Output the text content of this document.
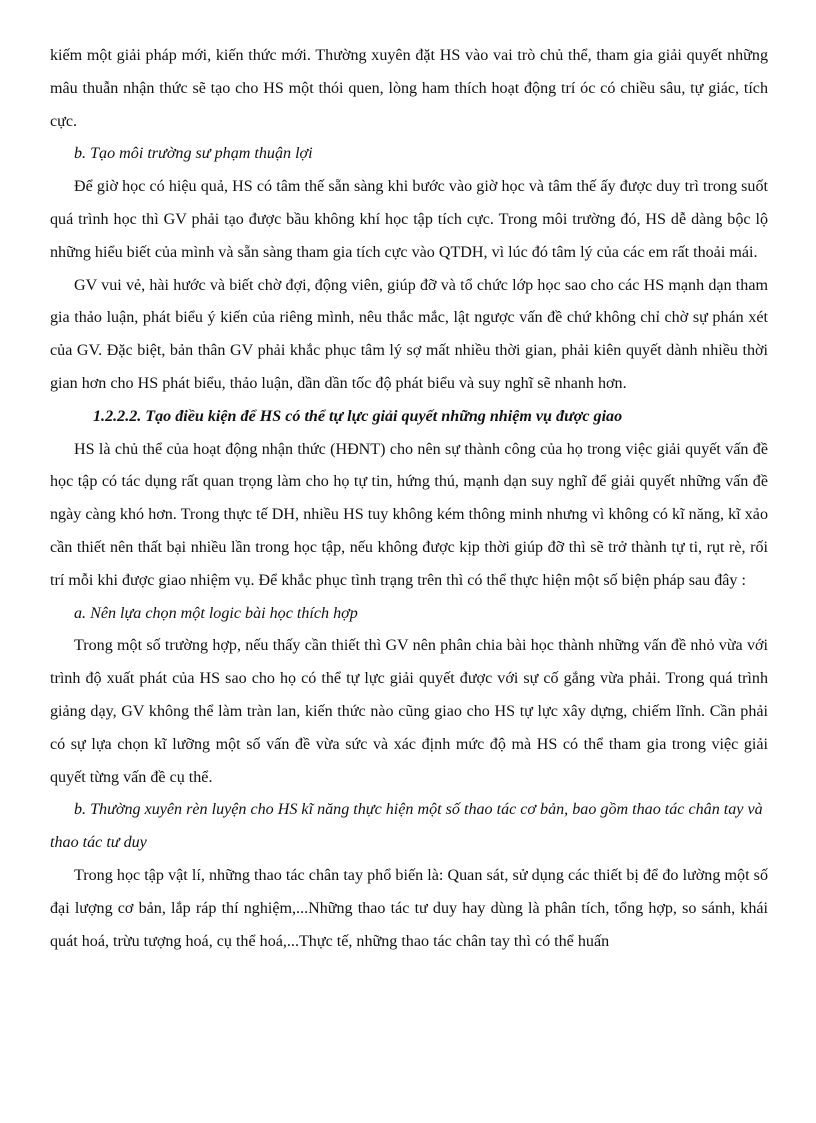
kiếm một giải pháp mới, kiến thức mới. Thường xuyên đặt HS vào vai trò chủ thể, tham gia giải quyết những mâu thuẫn nhận thức sẽ tạo cho HS một thói quen, lòng ham thích hoạt động trí óc có chiều sâu, tự giác, tích cực.

b. Tạo môi trường sư phạm thuận lợi

Để giờ học có hiệu quả, HS có tâm thế sẵn sàng khi bước vào giờ học và tâm thế ấy được duy trì trong suốt quá trình học thì GV phải tạo được bầu không khí học tập tích cực. Trong môi trường đó, HS dễ dàng bộc lộ những hiểu biết của mình và sẵn sàng tham gia tích cực vào QTDH, vì lúc đó tâm lý của các em rất thoải mái.

GV vui vẻ, hài hước và biết chờ đợi, động viên, giúp đỡ và tổ chức lớp học sao cho các HS mạnh dạn tham gia thảo luận, phát biểu ý kiến của riêng mình, nêu thắc mắc, lật ngược vấn đề chứ không chỉ chờ sự phán xét của GV. Đặc biệt, bản thân GV phải khắc phục tâm lý sợ mất nhiều thời gian, phải kiên quyết dành nhiều thời gian hơn cho HS phát biểu, thảo luận, dần dần tốc độ phát biểu và suy nghĩ sẽ nhanh hơn.

1.2.2.2. Tạo điều kiện để HS có thể tự lực giải quyết những nhiệm vụ được giao

HS là chủ thể của hoạt động nhận thức (HĐNT) cho nên sự thành công của họ trong việc giải quyết vấn đề học tập có tác dụng rất quan trọng làm cho họ tự tin, hứng thú, mạnh dạn suy nghĩ để giải quyết những vấn đề ngày càng khó hơn. Trong thực tế DH, nhiều HS tuy không kém thông minh nhưng vì không có kĩ năng, kĩ xảo cần thiết nên thất bại nhiều lần trong học tập, nếu không được kịp thời giúp đỡ thì sẽ trở thành tự ti, rụt rè, rối trí mỗi khi được giao nhiệm vụ. Để khắc phục tình trạng trên thì có thể thực hiện một số biện pháp sau đây :

a. Nên lựa chọn một logic bài học thích hợp

Trong một số trường hợp, nếu thấy cần thiết thì GV nên phân chia bài học thành những vấn đề nhỏ vừa với trình độ xuất phát của HS sao cho họ có thể tự lực giải quyết được với sự cố gắng vừa phải. Trong quá trình giảng dạy, GV không thể làm tràn lan, kiến thức nào cũng giao cho HS tự lực xây dựng, chiếm lĩnh. Cần phải có sự lựa chọn kĩ lưỡng một số vấn đề vừa sức và xác định mức độ mà HS có thể tham gia trong việc giải quyết từng vấn đề cụ thể.

b. Thường xuyên rèn luyện cho HS kĩ năng thực hiện một số thao tác cơ bản, bao gồm thao tác chân tay và thao tác tư duy

Trong học tập vật lí, những thao tác chân tay phổ biến là: Quan sát, sử dụng các thiết bị để đo lường một số đại lượng cơ bản, lắp ráp thí nghiệm,...Những thao tác tư duy hay dùng là phân tích, tổng hợp, so sánh, khái quát hoá, trừu tượng hoá, cụ thể hoá,...Thực tế, những thao tác chân tay thì có thể huấn
